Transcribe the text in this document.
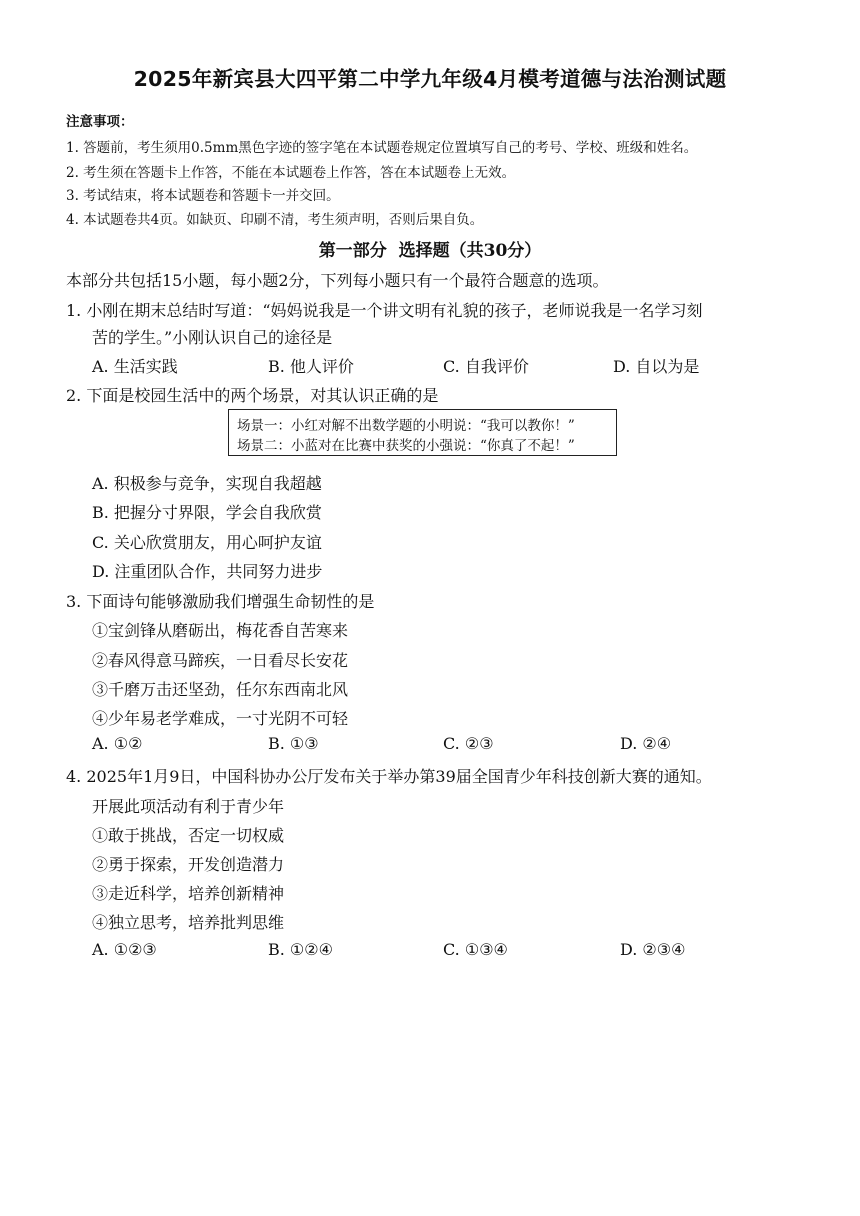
2025年新宾县大四平第二中学九年级4月模考道德与法治测试题
注意事项：
1. 答题前，考生须用0.5mm黑色字迹的签字笔在本试题卷规定位置填写自己的考号、学校、班级和姓名。
2. 考生须在答题卡上作答，不能在本试题卷上作答，答在本试题卷上无效。
3. 考试结束，将本试题卷和答题卡一并交回。
4. 本试题卷共4页。如缺页、印刷不清，考生须声明，否则后果自负。
第一部分 选择题（共30分）
本部分共包括15小题，每小题2分，下列每小题只有一个最符合题意的选项。
1. 小刚在期末总结时写道：“妈妈说我是一个讲文明有礼貌的孩子，老师说我是一名学习刻
苦的学生。”小刚认识自己的途径是
A. 生活实践	B. 他人评价	C. 自我评价	D. 自以为是
2. 下面是校园生活中的两个场景，对其认识正确的是
场景一：小红对解不出数学题的小明说：“我可以教你！”
场景二：小蓝对在比赛中获奖的小强说：“你真了不起！”
A. 积极参与竞争，实现自我超越
B. 把握分寸界限，学会自我欣赏
C. 关心欣赏朋友，用心呵护友谊
D. 注重团队合作，共同努力进步
3. 下面诗句能够激励我们增强生命韧性的是
①宝剑锋从磨砺出，梅花香自苦寒来
②春风得意马蹄疾，一日看尽长安花
③千磨万击还坚劲，任尔东西南北风
④少年易老学难成，一寸光阴不可轻
A. ①②	B. ①③	C. ②③	D. ②④
4. 2025年1月9日，中国科协办公厅发布关于举办第39届全国青少年科技创新大赛的通知。
开展此项活动有利于青少年
①敢于挑战，否定一切权威
②勇于探索，开发创造潜力
③走近科学，培养创新精神
④独立思考，培养批判思维
A. ①②③	B. ①②④	C. ①③④	D. ②③④
